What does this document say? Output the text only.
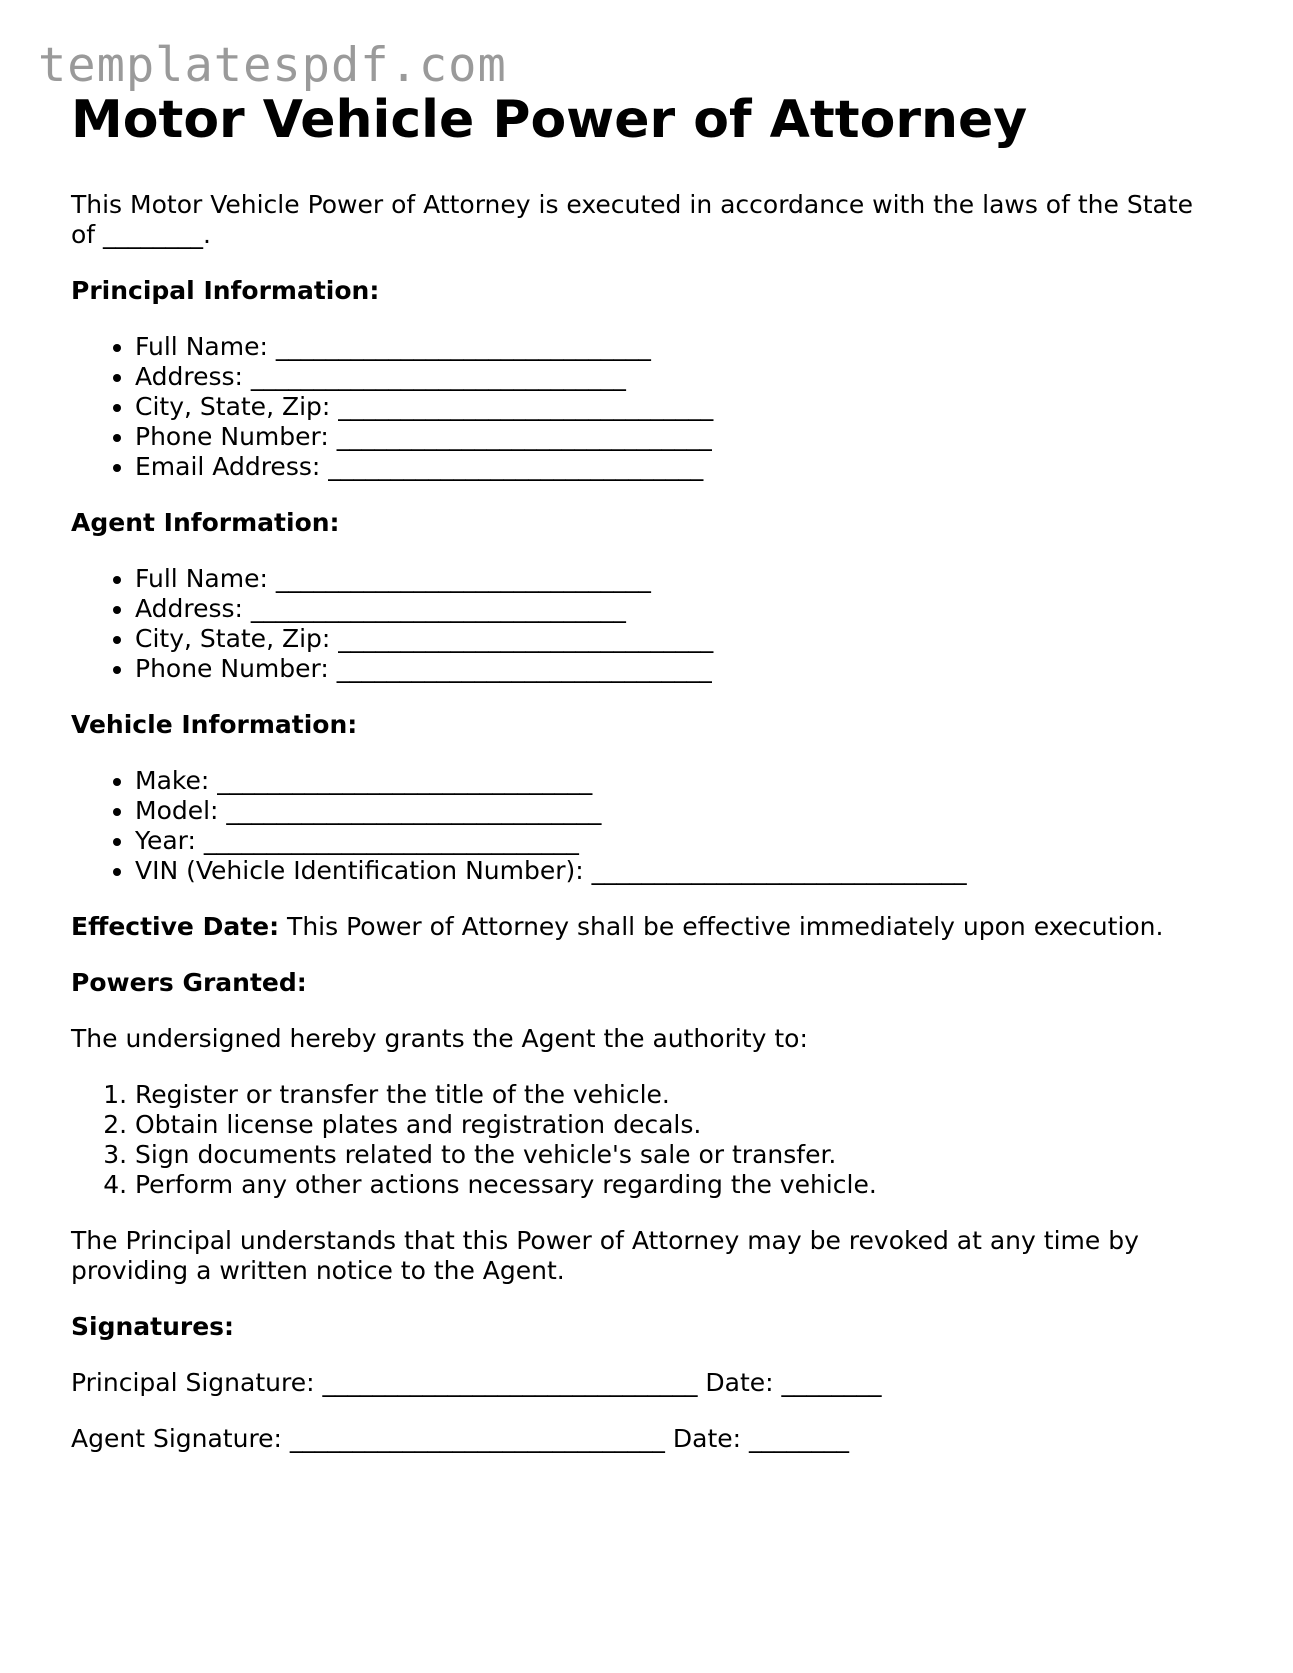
templatespdf.com
Motor Vehicle Power of Attorney

This Motor Vehicle Power of Attorney is executed in accordance with the laws of the State of ________.

Principal Information:

• Full Name: ______________________________
• Address: ______________________________
• City, State, Zip: ______________________________
• Phone Number: ______________________________
• Email Address: ______________________________

Agent Information:

• Full Name: ______________________________
• Address: ______________________________
• City, State, Zip: ______________________________
• Phone Number: ______________________________

Vehicle Information:

• Make: ______________________________
• Model: ______________________________
• Year: ______________________________
• VIN (Vehicle Identification Number): ______________________________

Effective Date: This Power of Attorney shall be effective immediately upon execution.

Powers Granted:

The undersigned hereby grants the Agent the authority to:

1. Register or transfer the title of the vehicle.
2. Obtain license plates and registration decals.
3. Sign documents related to the vehicle's sale or transfer.
4. Perform any other actions necessary regarding the vehicle.

The Principal understands that this Power of Attorney may be revoked at any time by providing a written notice to the Agent.

Signatures:

Principal Signature: ______________________________ Date: ________

Agent Signature: ______________________________ Date: ________
